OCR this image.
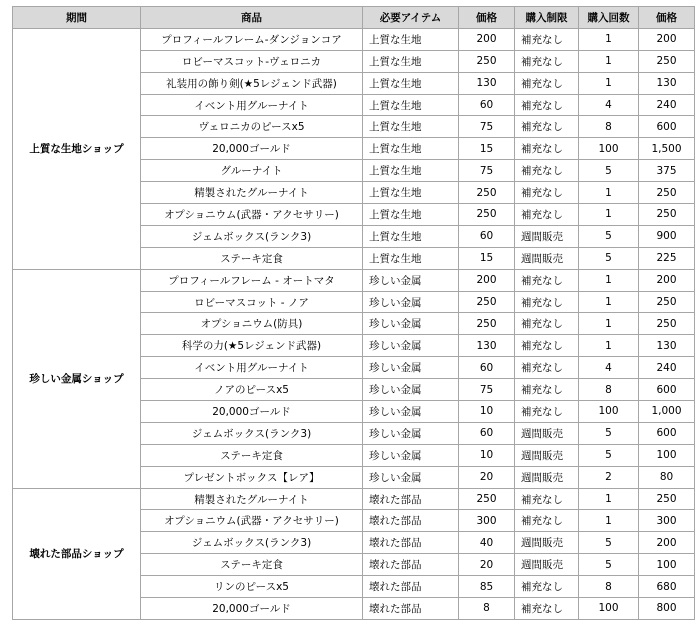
期間	商品	必要アイテム	価格	購入制限	購入回数	価格
上質な生地ショップ	プロフィールフレーム-ダンジョンコア	上質な生地	200	補充なし	1	200
	ロビーマスコット-ヴェロニカ	上質な生地	250	補充なし	1	250
	礼装用の飾り剣(★5レジェンド武器)	上質な生地	130	補充なし	1	130
	イベント用グルーナイト	上質な生地	60	補充なし	4	240
	ヴェロニカのピースx5	上質な生地	75	補充なし	8	600
	20,000ゴールド	上質な生地	15	補充なし	100	1,500
	グルーナイト	上質な生地	75	補充なし	5	375
	精製されたグルーナイト	上質な生地	250	補充なし	1	250
	オプショニウム(武器・アクセサリー)	上質な生地	250	補充なし	1	250
	ジェムボックス(ランク3)	上質な生地	60	週間販売	5	900
	ステーキ定食	上質な生地	15	週間販売	5	225
珍しい金属ショップ	プロフィールフレーム - オートマタ	珍しい金属	200	補充なし	1	200
	ロビーマスコット - ノア	珍しい金属	250	補充なし	1	250
	オプショニウム(防具)	珍しい金属	250	補充なし	1	250
	科学の力(★5レジェンド武器)	珍しい金属	130	補充なし	1	130
	イベント用グルーナイト	珍しい金属	60	補充なし	4	240
	ノアのピースx5	珍しい金属	75	補充なし	8	600
	20,000ゴールド	珍しい金属	10	補充なし	100	1,000
	ジェムボックス(ランク3)	珍しい金属	60	週間販売	5	600
	ステーキ定食	珍しい金属	10	週間販売	5	100
	プレゼントボックス【レア】	珍しい金属	20	週間販売	2	80
壊れた部品ショップ	精製されたグルーナイト	壊れた部品	250	補充なし	1	250
	オプショニウム(武器・アクセサリー)	壊れた部品	300	補充なし	1	300
	ジェムボックス(ランク3)	壊れた部品	40	週間販売	5	200
	ステーキ定食	壊れた部品	20	週間販売	5	100
	リンのピースx5	壊れた部品	85	補充なし	8	680
	20,000ゴールド	壊れた部品	8	補充なし	100	800
